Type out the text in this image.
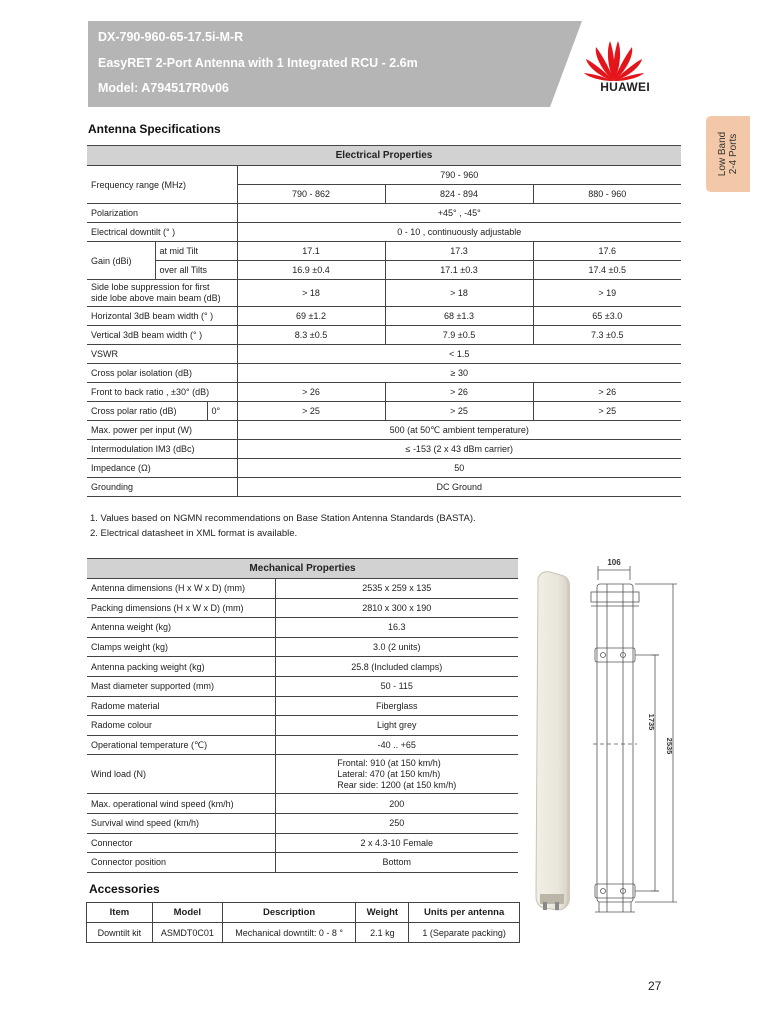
DX-790-960-65-17.5i-M-R
EasyRET 2-Port Antenna with 1 Integrated RCU - 2.6m
Model: A794517R0v06	HUAWEI
Low Band 2-4 Ports
Antenna Specifications
Electrical Properties					
Frequency range (MHz)			790 - 960		
			790 - 862	824 - 894	880 - 960
Polarization			+45° , -45°		
Electrical downtilt (° )			0 - 10 , continuously adjustable		
Gain (dBi)	at mid Tilt		17.1	17.3	17.6
	over all Tilts		16.9 ±0.4	17.1 ±0.3	17.4 ±0.5

Side lobe suppression for first
side lobe above main beam (dB)			> 18	> 18	> 19
Horizontal 3dB beam width (° )			69 ±1.2	68 ±1.3	65 ±3.0
Vertical 3dB beam width (° )			8.3 ±0.5	7.9 ±0.5	7.3 ±0.5
VSWR			< 1.5		
Cross polar isolation (dB)			≥ 30		
Front to back ratio , ±30° (dB)			> 26	> 26	> 26
Cross polar ratio (dB)		0°	> 25	> 25	> 25
Max. power per input (W)			500 (at 50℃ ambient temperature)		
Intermodulation IM3 (dBc)			≤ -153 (2 x 43 dBm carrier)		
Impedance (Ω)			50		
Grounding			DC Ground		
1. Values based on NGMN recommendations on Base Station Antenna Standards (BASTA).
2. Electrical datasheet in XML format is available.
Mechanical Properties	
Antenna dimensions (H x W x D) (mm)	2535 x 259 x 135
Packing dimensions (H x W x D) (mm)	2810 x 300 x 190
Antenna weight (kg)	16.3
Clamps weight (kg)	3.0 (2 units)
Antenna packing weight (kg)	25.8 (Included clamps)
Mast diameter supported (mm)	50 - 115
Radome material	Fiberglass
Radome colour	Light grey
Operational temperature (℃)	-40 .. +65
Wind load (N)	Frontal: 910 (at 150 km/h)
Lateral: 470 (at 150 km/h)
Rear side: 1200 (at 150 km/h)

Max. operational wind speed (km/h)	200
Survival wind speed (km/h)	250
Connector	2 x 4.3-10 Female
Connector position	Bottom
Accessories
Item	Model	Description	Weight	Units per antenna
Downtilt kit	ASMDT0C01	Mechanical downtilt: 0 - 8 °	2.1 kg	1 (Separate packing)
106
1735
2535
27
